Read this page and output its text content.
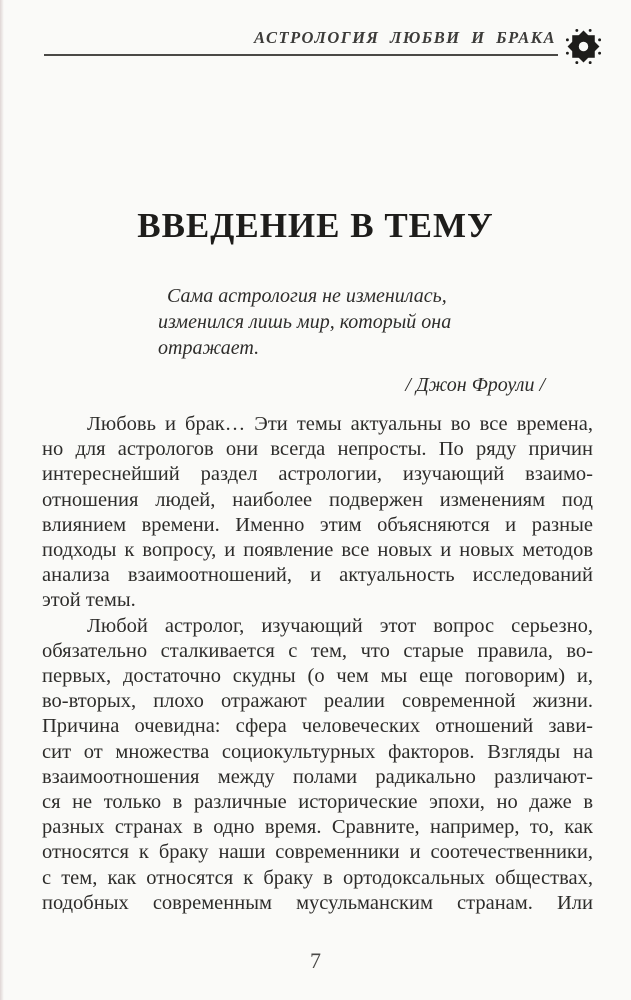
АСТРОЛОГИЯ ЛЮБВИ И БРАКА
ВВЕДЕНИЕ В ТЕМУ
Сама астрология не изменилась,
изменился лишь мир, который она отражает.
/ Джон Фроули /
Любовь и брак… Эти темы актуальны во все времена,
но для астрологов они всегда непросты. По ряду причин
интереснейший раздел астрологии, изучающий взаимо-
отношения людей, наиболее подвержен изменениям под
влиянием времени. Именно этим объясняются и разные
подходы к вопросу, и появление все новых и новых методов
анализа взаимоотношений, и актуальность исследований
этой темы.
Любой астролог, изучающий этот вопрос серьезно,
обязательно сталкивается с тем, что старые правила, во-
первых, достаточно скудны (о чем мы еще поговорим) и,
во-вторых, плохо отражают реалии современной жизни.
Причина очевидна: сфера человеческих отношений зави-
сит от множества социокультурных факторов. Взгляды на
взаимоотношения между полами радикально различают-
ся не только в различные исторические эпохи, но даже в
разных странах в одно время. Сравните, например, то, как
относятся к браку наши современники и соотечественники,
с тем, как относятся к браку в ортодоксальных обществах,
подобных современным мусульманским странам. Или
7
